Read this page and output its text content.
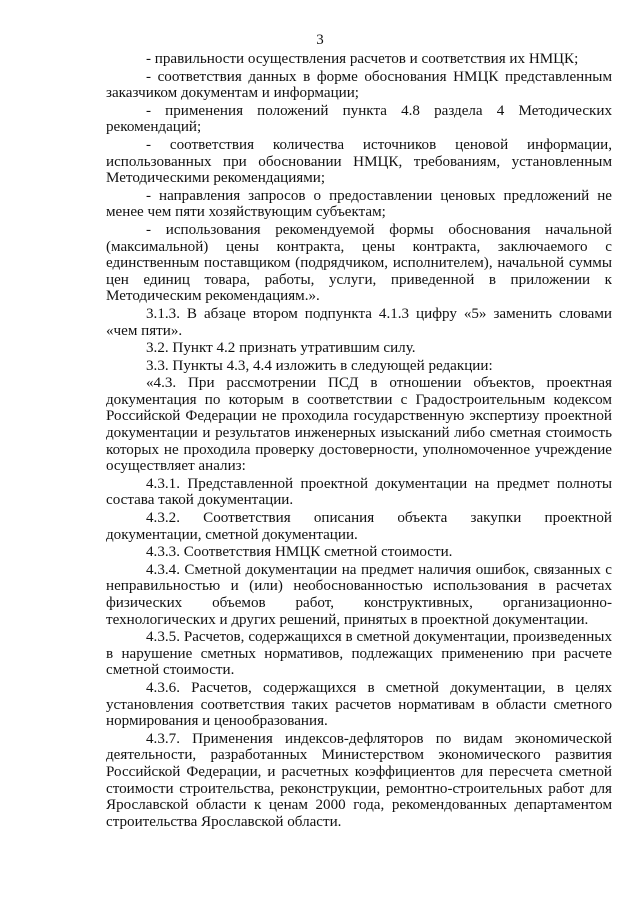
3

- правильности осуществления расчетов и соответствия их НМЦК;

- соответствия данных в форме обоснования НМЦК представленным заказчиком документам и информации;

- применения положений пункта 4.8 раздела 4 Методических рекомендаций;

- соответствия количества источников ценовой информации, использованных при обосновании НМЦК, требованиям, установленным Методическими рекомендациями;

- направления запросов о предоставлении ценовых предложений не менее чем пяти хозяйствующим субъектам;

- использования рекомендуемой формы обоснования начальной (максимальной) цены контракта, цены контракта, заключаемого с единственным поставщиком (подрядчиком, исполнителем), начальной суммы цен единиц товара, работы, услуги, приведенной в приложении к Методическим рекомендациям.».

3.1.3. В абзаце втором подпункта 4.1.3 цифру «5» заменить словами «чем пяти».

3.2. Пункт 4.2 признать утратившим силу.

3.3. Пункты 4.3, 4.4 изложить в следующей редакции:

«4.3. При рассмотрении ПСД в отношении объектов, проектная документация по которым в соответствии с Градостроительным кодексом Российской Федерации не проходила государственную экспертизу проектной документации и результатов инженерных изысканий либо сметная стоимость которых не проходила проверку достоверности, уполномоченное учреждение осуществляет анализ:

4.3.1. Представленной проектной документации на предмет полноты состава такой документации.

4.3.2. Соответствия описания объекта закупки проектной документации, сметной документации.

4.3.3. Соответствия НМЦК сметной стоимости.

4.3.4. Сметной документации на предмет наличия ошибок, связанных с неправильностью и (или) необоснованностью использования в расчетах физических объемов работ, конструктивных, организационно-технологических и других решений, принятых в проектной документации.

4.3.5. Расчетов, содержащихся в сметной документации, произведенных в нарушение сметных нормативов, подлежащих применению при расчете сметной стоимости.

4.3.6. Расчетов, содержащихся в сметной документации, в целях установления соответствия таких расчетов нормативам в области сметного нормирования и ценообразования.

4.3.7. Применения индексов-дефляторов по видам экономической деятельности, разработанных Министерством экономического развития Российской Федерации, и расчетных коэффициентов для пересчета сметной стоимости строительства, реконструкции, ремонтно-строительных работ для Ярославской области к ценам 2000 года, рекомендованных департаментом строительства Ярославской области.
